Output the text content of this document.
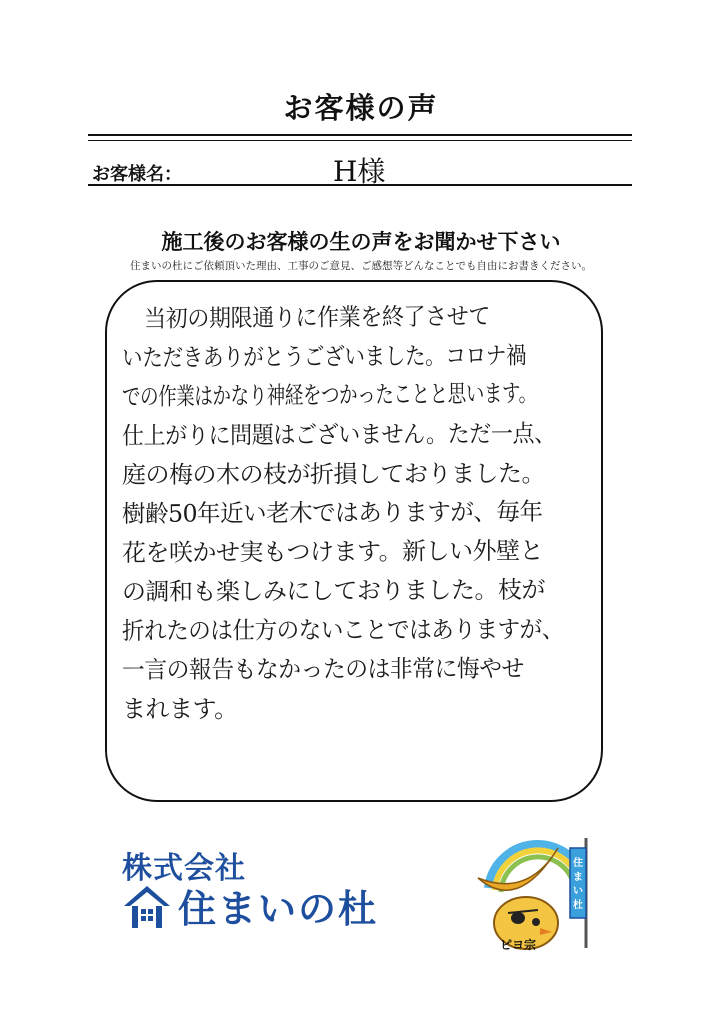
お客様の声
お客様名：	H様
施工後のお客様の生の声をお聞かせ下さい
住まいの杜にご依頼頂いた理由、工事のご意見、ご感想等どんなことでも自由にお書きください。
当初の期限通りに作業を終了させて
いただきありがとうございました。コロナ禍
での作業はかなり神経をつかったことと思います。
仕上がりに問題はございません。ただ一点、
庭の梅の木の枝が折損しておりました。
樹齢50年近い老木ではありますが、毎年
花を咲かせ実もつけます。新しい外壁と
の調和も楽しみにしておりました。枝が
折れたのは仕方のないことではありますが、
一言の報告もなかったのは非常に悔やせ
まれます。
株式会社
住まいの杜
住
ま
い
杜
ピヨ宗
